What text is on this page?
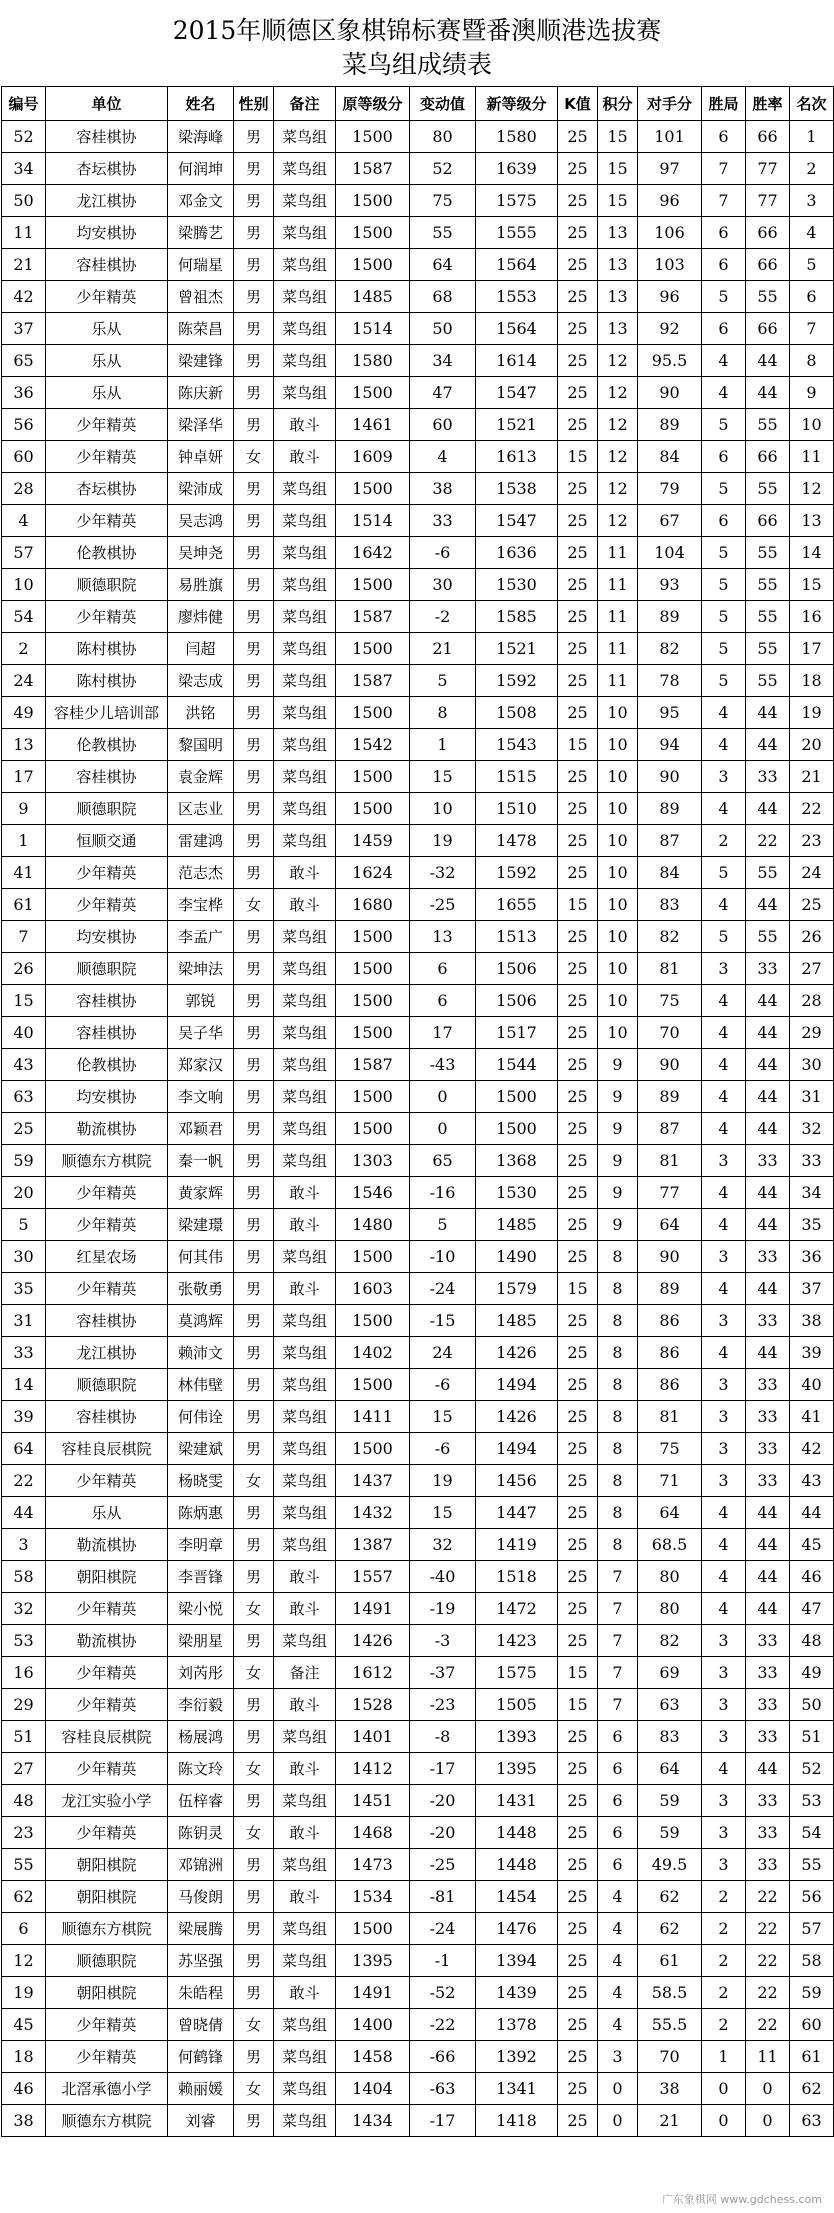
2015年顺德区象棋锦标赛暨番澳顺港选拔赛
菜鸟组成绩表
编号	单位	姓名	性别	备注	原等级分	变动值	新等级分	K值	积分	对手分	胜局	胜率	名次
52	容桂棋协	梁海峰	男	菜鸟组	1500	80	1580	25	15	101	6	66	1
34	杏坛棋协	何润坤	男	菜鸟组	1587	52	1639	25	15	97	7	77	2
50	龙江棋协	邓金文	男	菜鸟组	1500	75	1575	25	15	96	7	77	3
11	均安棋协	梁腾艺	男	菜鸟组	1500	55	1555	25	13	106	6	66	4
21	容桂棋协	何瑞星	男	菜鸟组	1500	64	1564	25	13	103	6	66	5
42	少年精英	曾祖杰	男	菜鸟组	1485	68	1553	25	13	96	5	55	6
37	乐从	陈荣昌	男	菜鸟组	1514	50	1564	25	13	92	6	66	7
65	乐从	梁建锋	男	菜鸟组	1580	34	1614	25	12	95.5	4	44	8
36	乐从	陈庆新	男	菜鸟组	1500	47	1547	25	12	90	4	44	9
56	少年精英	梁泽华	男	敢斗	1461	60	1521	25	12	89	5	55	10
60	少年精英	钟卓妍	女	敢斗	1609	4	1613	15	12	84	6	66	11
28	杏坛棋协	梁沛成	男	菜鸟组	1500	38	1538	25	12	79	5	55	12
4	少年精英	吴志鸿	男	菜鸟组	1514	33	1547	25	12	67	6	66	13
57	伦教棋协	吴坤尧	男	菜鸟组	1642	-6	1636	25	11	104	5	55	14
10	顺德职院	易胜旗	男	菜鸟组	1500	30	1530	25	11	93	5	55	15
54	少年精英	廖炜健	男	菜鸟组	1587	-2	1585	25	11	89	5	55	16
2	陈村棋协	闫超	男	菜鸟组	1500	21	1521	25	11	82	5	55	17
24	陈村棋协	梁志成	男	菜鸟组	1587	5	1592	25	11	78	5	55	18
49	容桂少儿培训部	洪铭	男	菜鸟组	1500	8	1508	25	10	95	4	44	19
13	伦教棋协	黎国明	男	菜鸟组	1542	1	1543	15	10	94	4	44	20
17	容桂棋协	袁金辉	男	菜鸟组	1500	15	1515	25	10	90	3	33	21
9	顺德职院	区志业	男	菜鸟组	1500	10	1510	25	10	89	4	44	22
1	恒顺交通	雷建鸿	男	菜鸟组	1459	19	1478	25	10	87	2	22	23
41	少年精英	范志杰	男	敢斗	1624	-32	1592	25	10	84	5	55	24
61	少年精英	李宝桦	女	敢斗	1680	-25	1655	15	10	83	4	44	25
7	均安棋协	李孟广	男	菜鸟组	1500	13	1513	25	10	82	5	55	26
26	顺德职院	梁坤法	男	菜鸟组	1500	6	1506	25	10	81	3	33	27
15	容桂棋协	郭锐	男	菜鸟组	1500	6	1506	25	10	75	4	44	28
40	容桂棋协	吴子华	男	菜鸟组	1500	17	1517	25	10	70	4	44	29
43	伦教棋协	郑家汉	男	菜鸟组	1587	-43	1544	25	9	90	4	44	30
63	均安棋协	李文响	男	菜鸟组	1500	0	1500	25	9	89	4	44	31
25	勒流棋协	邓颖君	男	菜鸟组	1500	0	1500	25	9	87	4	44	32
59	顺德东方棋院	秦一帆	男	菜鸟组	1303	65	1368	25	9	81	3	33	33
20	少年精英	黄家辉	男	敢斗	1546	-16	1530	25	9	77	4	44	34
5	少年精英	梁建璟	男	敢斗	1480	5	1485	25	9	64	4	44	35
30	红星农场	何其伟	男	菜鸟组	1500	-10	1490	25	8	90	3	33	36
35	少年精英	张敬勇	男	敢斗	1603	-24	1579	15	8	89	4	44	37
31	容桂棋协	莫鸿辉	男	菜鸟组	1500	-15	1485	25	8	86	3	33	38
33	龙江棋协	赖沛文	男	菜鸟组	1402	24	1426	25	8	86	4	44	39
14	顺德职院	林伟壁	男	菜鸟组	1500	-6	1494	25	8	86	3	33	40
39	容桂棋协	何伟诠	男	菜鸟组	1411	15	1426	25	8	81	3	33	41
64	容桂良辰棋院	梁建斌	男	菜鸟组	1500	-6	1494	25	8	75	3	33	42
22	少年精英	杨晓雯	女	菜鸟组	1437	19	1456	25	8	71	3	33	43
44	乐从	陈炳惠	男	菜鸟组	1432	15	1447	25	8	64	4	44	44
3	勒流棋协	李明章	男	菜鸟组	1387	32	1419	25	8	68.5	4	44	45
58	朝阳棋院	李晋锋	男	敢斗	1557	-40	1518	25	7	80	4	44	46
32	少年精英	梁小悦	女	敢斗	1491	-19	1472	25	7	80	4	44	47
53	勒流棋协	梁朋星	男	菜鸟组	1426	-3	1423	25	7	82	3	33	48
16	少年精英	刘芮彤	女	备注	1612	-37	1575	15	7	69	3	33	49
29	少年精英	李衍毅	男	敢斗	1528	-23	1505	15	7	63	3	33	50
51	容桂良辰棋院	杨展鸿	男	菜鸟组	1401	-8	1393	25	6	83	3	33	51
27	少年精英	陈文玲	女	敢斗	1412	-17	1395	25	6	64	4	44	52
48	龙江实验小学	伍梓睿	男	菜鸟组	1451	-20	1431	25	6	59	3	33	53
23	少年精英	陈钥灵	女	敢斗	1468	-20	1448	25	6	59	3	33	54
55	朝阳棋院	邓锦洲	男	菜鸟组	1473	-25	1448	25	6	49.5	3	33	55
62	朝阳棋院	马俊朗	男	敢斗	1534	-81	1454	25	4	62	2	22	56
6	顺德东方棋院	梁展腾	男	菜鸟组	1500	-24	1476	25	4	62	2	22	57
12	顺德职院	苏坚强	男	菜鸟组	1395	-1	1394	25	4	61	2	22	58
19	朝阳棋院	朱皓程	男	敢斗	1491	-52	1439	25	4	58.5	2	22	59
45	少年精英	曾晓倩	女	菜鸟组	1400	-22	1378	25	4	55.5	2	22	60
18	少年精英	何鹤锋	男	菜鸟组	1458	-66	1392	25	3	70	1	11	61
46	北滘承德小学	赖丽媛	女	菜鸟组	1404	-63	1341	25	0	38	0	0	62
38	顺德东方棋院	刘睿	男	菜鸟组	1434	-17	1418	25	0	21	0	0	63
广东象棋网 www.gdchess.com
